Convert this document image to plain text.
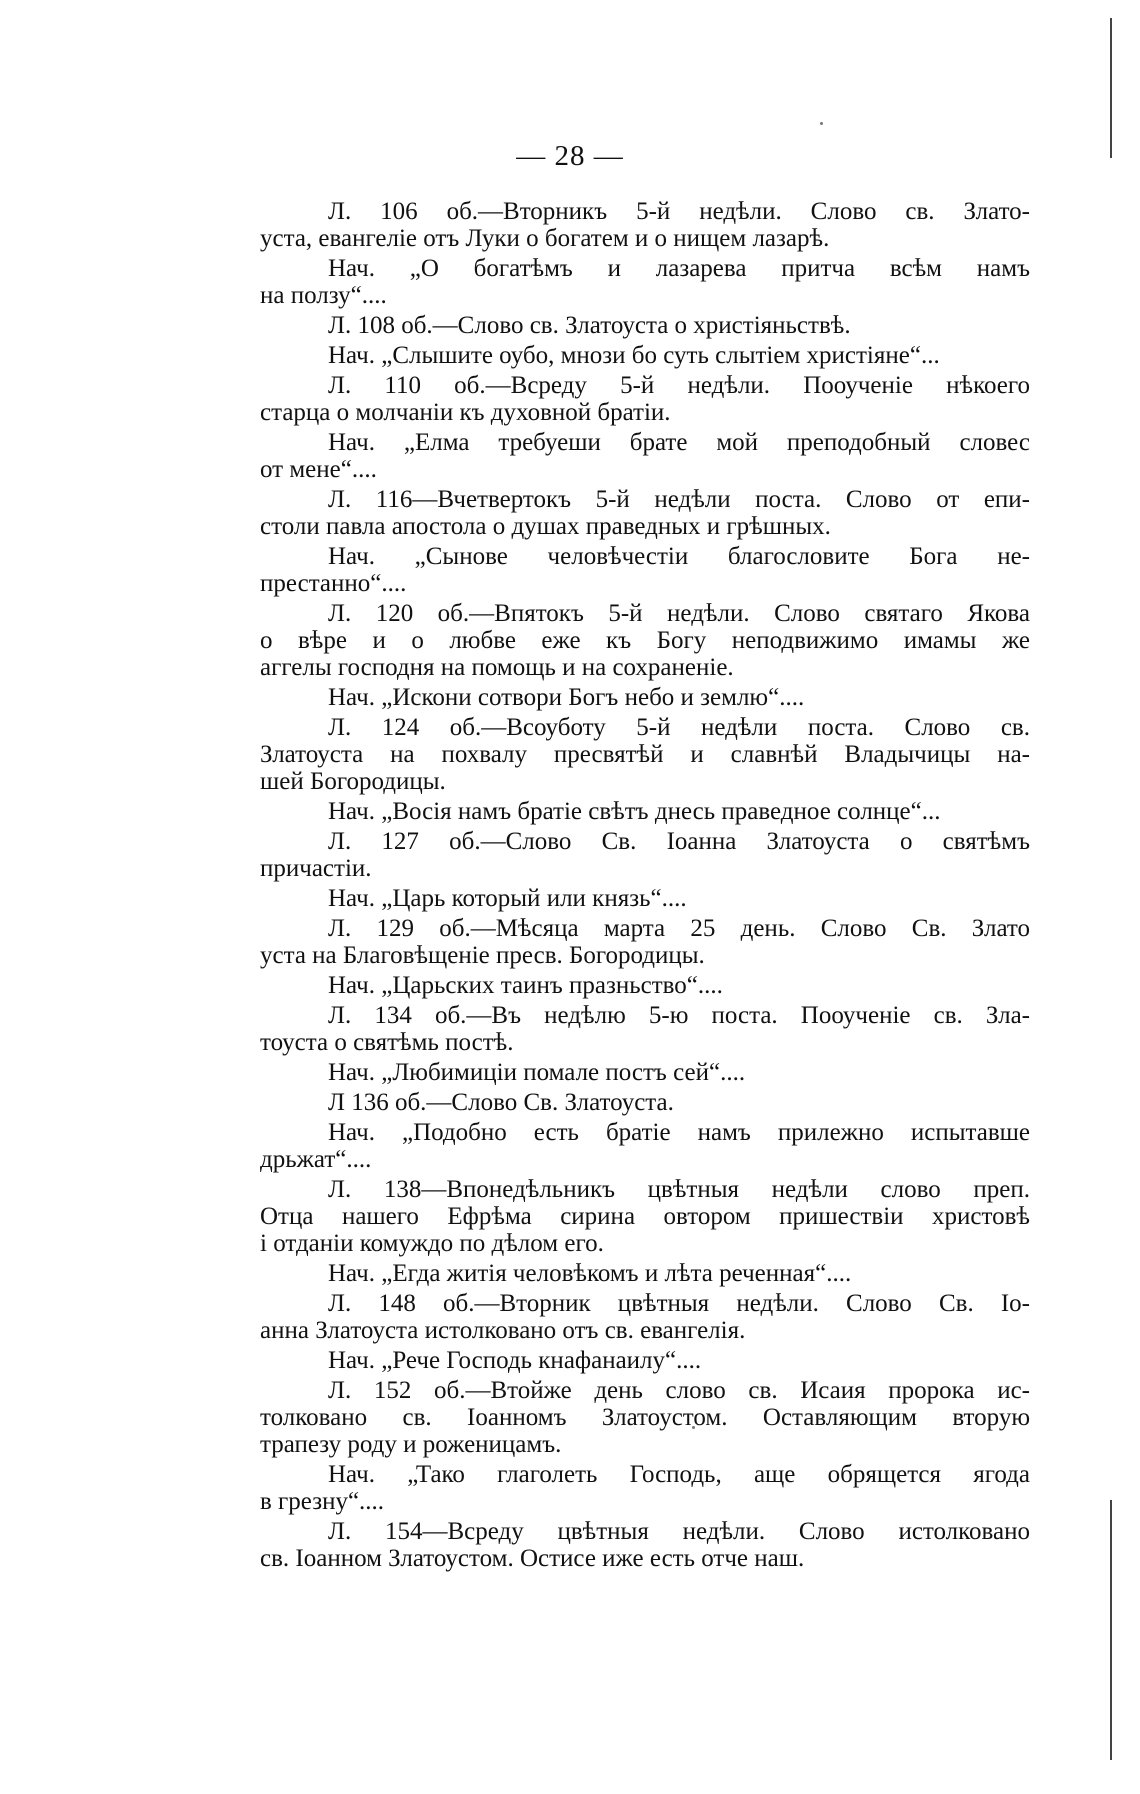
— 28 —
Л. 106 об.—Вторникъ 5-й недѣли. Слово св. Злато-
уста, евангеліе отъ Луки о богатем и о нищем лазарѣ.
Нач. „О богатѣмъ и лазарева притча всѣм намъ
на ползу“....
Л. 108 об.—Слово св. Златоуста о христіяньствѣ.
Нач. „Слышите оубо, мнози бо суть слытіем христіяне“...
Л. 110 об.—Всреду 5-й недѣли. Пооученіе нѣкоего
старца о молчаніи къ духовной братіи.
Нач. „Елма требуеши брате мой преподобный словес
от мене“....
Л. 116—Вчетвертокъ 5-й недѣли поста. Слово от епи-
столи павла апостола о душах праведных и грѣшных.
Нач. „Сынове человѣчестіи благословите Бога не-
престанно“....
Л. 120 об.—Впятокъ 5-й недѣли. Слово святаго Якова
о вѣре и о любве еже къ Богу неподвижимо имамы же
аггелы господня на помощь и на сохраненіе.
Нач. „Искони сотвори Богъ небо и землю“....
Л. 124 об.—Всоуботу 5-й недѣли поста. Слово св.
Златоуста на похвалу пресвятѣй и славнѣй Владычицы на-
шей Богородицы.
Нач. „Восія намъ братіе свѣтъ днесь праведное солнце“...
Л. 127 об.—Слово Св. Іоанна Златоуста о святѣмъ
причастіи.
Нач. „Царь который или князь“....
Л. 129 об.—Мѣсяца марта 25 день. Слово Св. Злато
уста на Благовѣщеніе пресв. Богородицы.
Нач. „Царьских таинъ празньство“....
Л. 134 об.—Въ недѣлю 5-ю поста. Пооученіе св. Зла-
тоуста о святѣмь постѣ.
Нач. „Любимиціи помале постъ сей“....
Л 136 об.—Слово Св. Златоуста.
Нач. „Подобно есть братіе намъ прилежно испытавше
дрьжат“....
Л. 138—Впонедѣльникъ цвѣтныя недѣли слово преп.
Отца нашего Ефрѣма сирина овтором пришествіи христовѣ
і отданіи комуждо по дѣлом его.
Нач. „Егда житія человѣкомъ и лѣта реченная“....
Л. 148 об.—Вторник цвѣтныя недѣли. Слово Св. Іо-
анна Златоуста истолковано отъ св. евангелія.
Нач. „Рече Господь кнафанаилу“....
Л. 152 об.—Втойже день слово св. Исаия пророка ис-
толковано св. Іоанномъ Златоустом. Оставляющим вторую
трапезу роду и роженицамъ.
Нач. „Тако глаголеть Господь, аще обрящется ягода
в грезну“....
Л. 154—Всреду цвѣтныя недѣли. Слово истолковано
св. Іоанном Златоустом. Остисе иже есть отче наш.
